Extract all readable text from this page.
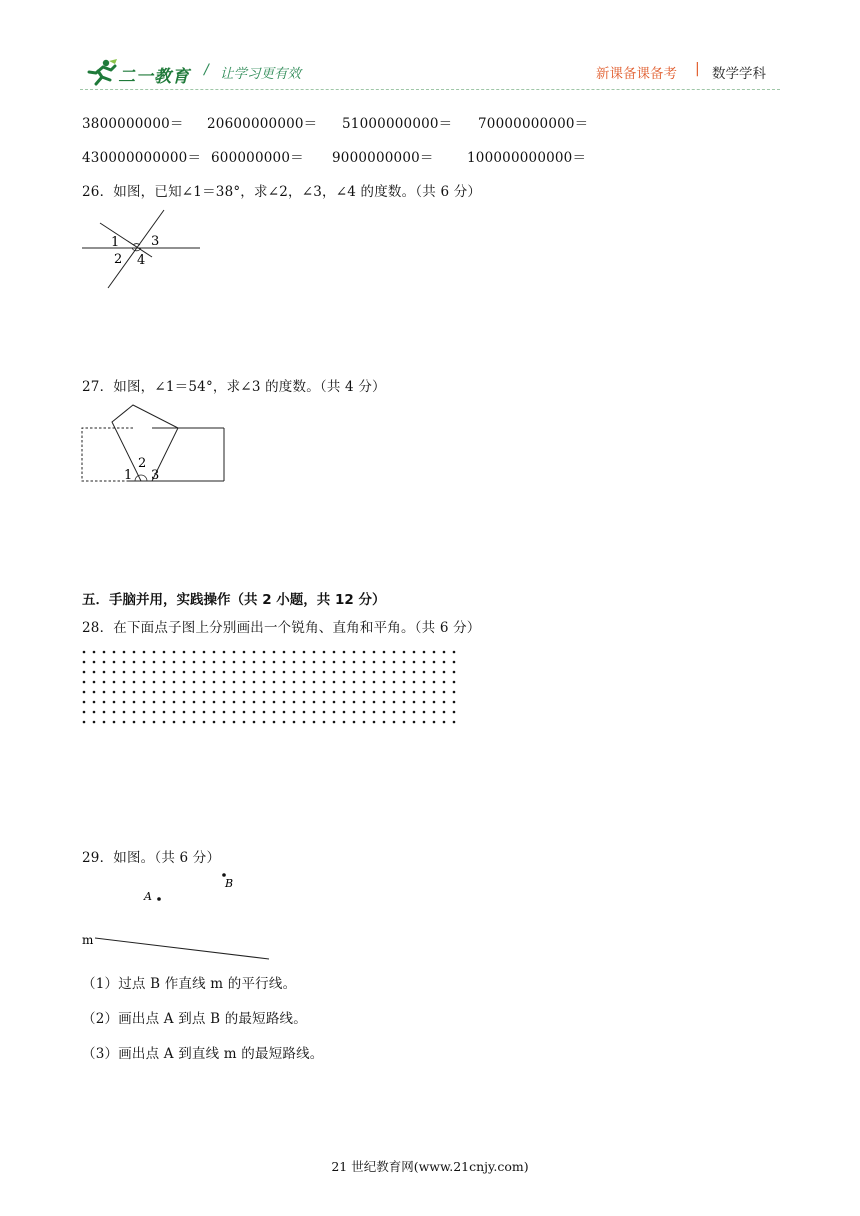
二一教育 / 让学习更有效	新课备课备考 | 数学学科
3800000000＝ 20600000000＝ 51000000000＝ 70000000000＝
430000000000＝ 600000000＝ 9000000000＝ 100000000000＝
26．如图，已知∠1＝38°，求∠2，∠3，∠4 的度数。（共 6 分）
1
2
3
4
27．如图，∠1＝54°，求∠3 的度数。（共 4 分）
1
2
3
五．手脑并用，实践操作（共 2 小题，共 12 分）
28．在下面点子图上分别画出一个锐角、直角和平角。（共 6 分）
29．如图。（共 6 分）
A
B
m
（1）过点 B 作直线 m 的平行线。
（2）画出点 A 到点 B 的最短路线。
（3）画出点 A 到直线 m 的最短路线。
21 世纪教育网(www.21cnjy.com)
